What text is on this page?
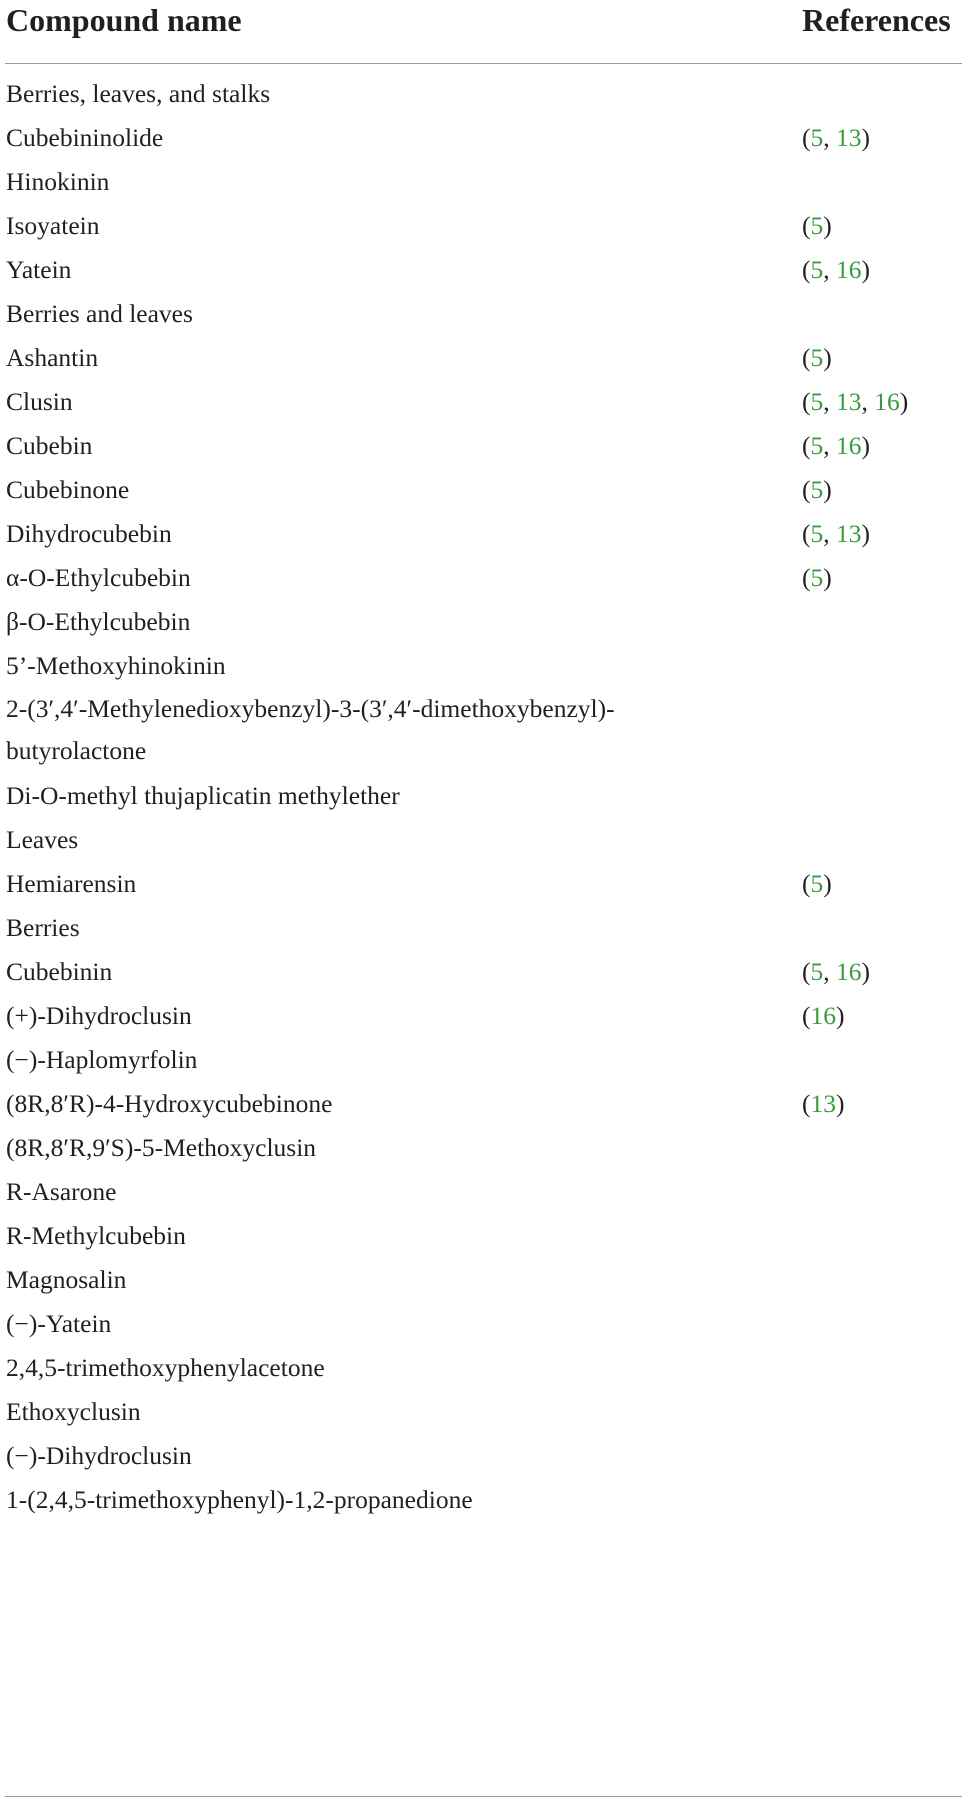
Compound name	References
Berries, leaves, and stalks
Cubebininolide	(5, 13)
Hinokinin
Isoyatein	(5)
Yatein	(5, 16)
Berries and leaves
Ashantin	(5)
Clusin	(5, 13, 16)
Cubebin	(5, 16)
Cubebinone	(5)
Dihydrocubebin	(5, 13)
α-O-Ethylcubebin	(5)
β-O-Ethylcubebin
5’-Methoxyhinokinin
2-(3′,4′-Methylenedioxybenzyl)-3-(3′,4′-dimethoxybenzyl)-butyrolactone
Di-O-methyl thujaplicatin methylether
Leaves
Hemiarensin	(5)
Berries
Cubebinin	(5, 16)
(+)-Dihydroclusin	(16)
(−)-Haplomyrfolin
(8R,8′R)-4-Hydroxycubebinone	(13)
(8R,8′R,9′S)-5-Methoxyclusin
R-Asarone
R-Methylcubebin
Magnosalin
(−)-Yatein
2,4,5-trimethoxyphenylacetone
Ethoxyclusin
(−)-Dihydroclusin
1-(2,4,5-trimethoxyphenyl)-1,2-propanedione
